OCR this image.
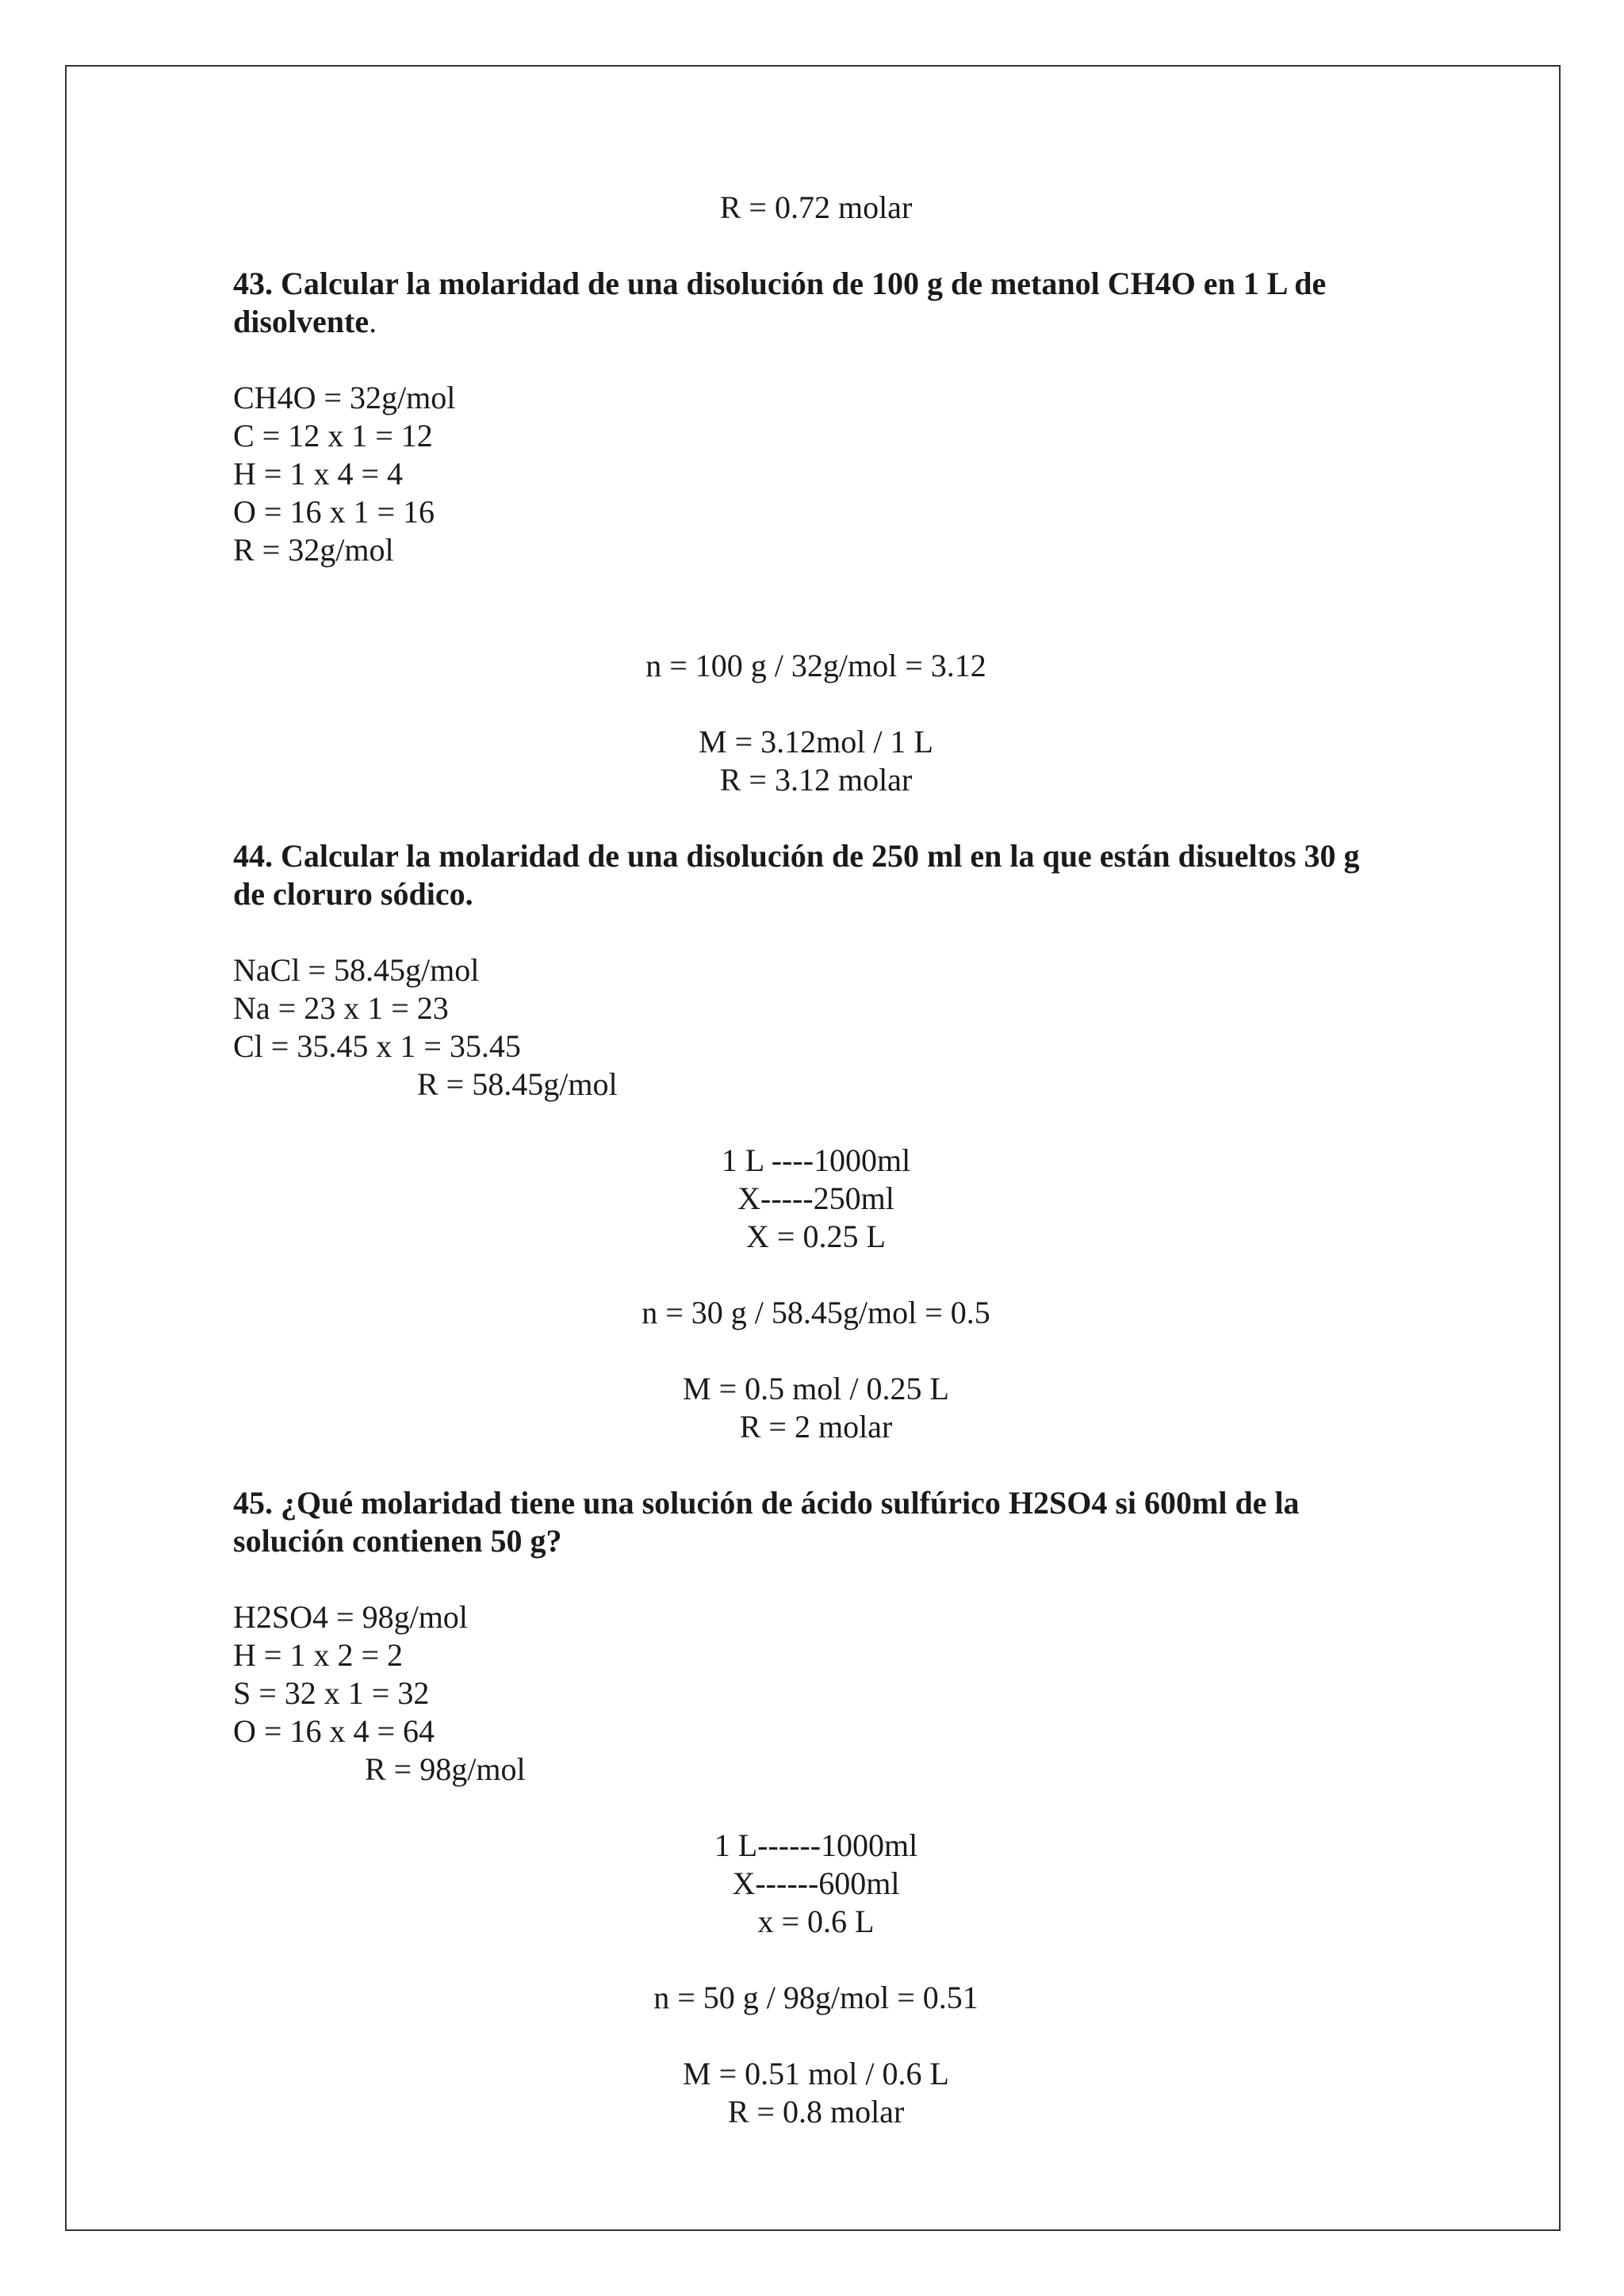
R = 0.72 molar
43. Calcular la molaridad de una disolución de 100 g de metanol CH4O en 1 L de disolvente.
CH4O = 32g/mol
C = 12 x 1 = 12
H = 1 x 4 = 4
O = 16 x 1 = 16
R = 32g/mol
n = 100 g / 32g/mol = 3.12
M = 3.12mol / 1 L
R = 3.12 molar
44. Calcular la molaridad de una disolución de 250 ml en la que están disueltos 30 g de cloruro sódico.
NaCl = 58.45g/mol
Na = 23 x 1 = 23
Cl = 35.45 x 1 = 35.45
R = 58.45g/mol
1 L ----1000ml
X-----250ml
X = 0.25 L
n = 30 g / 58.45g/mol = 0.5
M = 0.5 mol / 0.25 L
R = 2 molar
45. ¿Qué molaridad tiene una solución de ácido sulfúrico H2SO4 si 600ml de la solución contienen 50 g?
H2SO4 = 98g/mol
H = 1 x 2 = 2
S = 32 x 1 = 32
O = 16 x 4 = 64
R = 98g/mol
1 L------1000ml
X------600ml
x = 0.6 L
n = 50 g / 98g/mol = 0.51
M = 0.51 mol / 0.6 L
R = 0.8 molar
